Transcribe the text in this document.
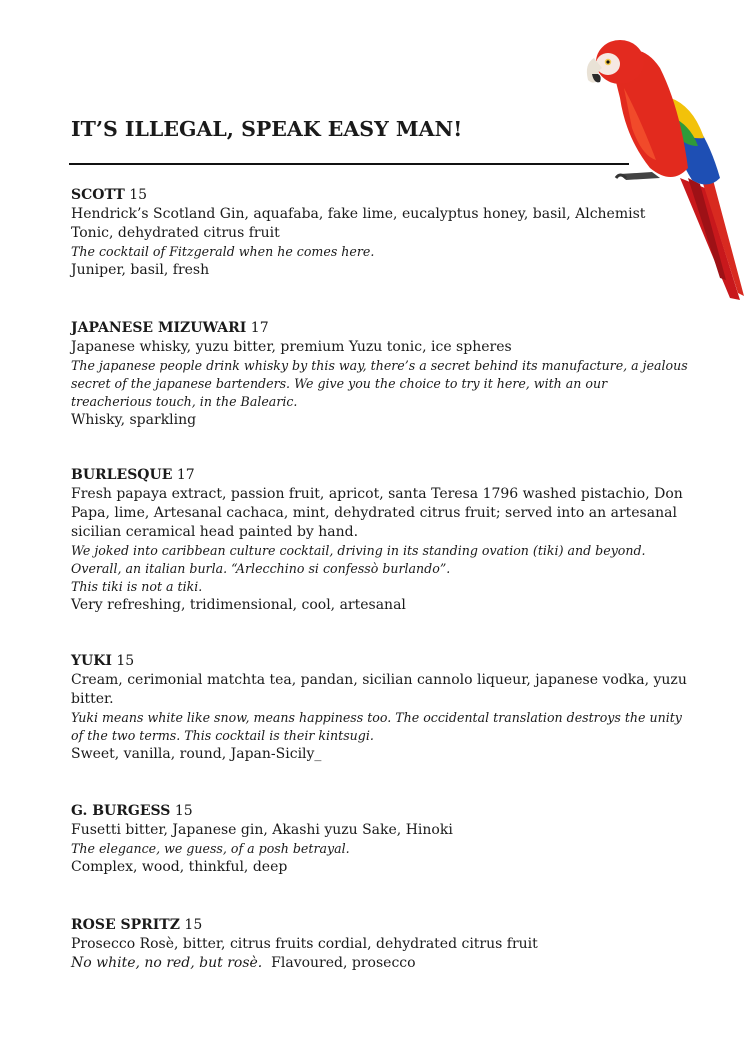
IT’S ILLEGAL, SPEAK EASY MAN!

SCOTT 15

Hendrick’s Scotland Gin, aquafaba, fake lime, eucalyptus honey, basil, Alchemist Tonic, dehydrated citrus fruit

The cocktail of Fitzgerald when he comes here.

Juniper, basil, fresh

JAPANESE MIZUWARI 17

Japanese whisky, yuzu bitter, premium Yuzu tonic, ice spheres

The japanese people drink whisky by this way, there’s a secret behind its manufacture, a jealous secret of the japanese bartenders. We give you the choice to try it here, with an our treacherious touch, in the Balearic.

Whisky, sparkling

BURLESQUE 17

Fresh papaya extract, passion fruit, apricot, santa Teresa 1796 washed pistachio, Don Papa, lime, Artesanal cachaca, mint, dehydrated citrus fruit; served into an artesanal sicilian ceramical head painted by hand.

We joked into caribbean culture cocktail, driving in its standing ovation (tiki) and beyond.

Overall, an italian burla. “Arlecchino si confessò burlando”.

This tiki is not a tiki.

Very refreshing, tridimensional, cool, artesanal

YUKI 15

Cream, cerimonial matchta tea, pandan, sicilian cannolo liqueur, japanese vodka, yuzu bitter.

Yuki means white like snow, means happiness too. The occidental translation destroys the unity of the two terms. This cocktail is their kintsugi.

Sweet, vanilla, round, Japan-Sicily_

G. BURGESS 15

Fusetti bitter, Japanese gin, Akashi yuzu Sake, Hinoki

The elegance, we guess, of a posh betrayal.

Complex, wood, thinkful, deep

ROSE SPRITZ 15

Prosecco Rosè, bitter, citrus fruits cordial, dehydrated citrus fruit

No white, no red, but rosè. Flavoured, prosecco
